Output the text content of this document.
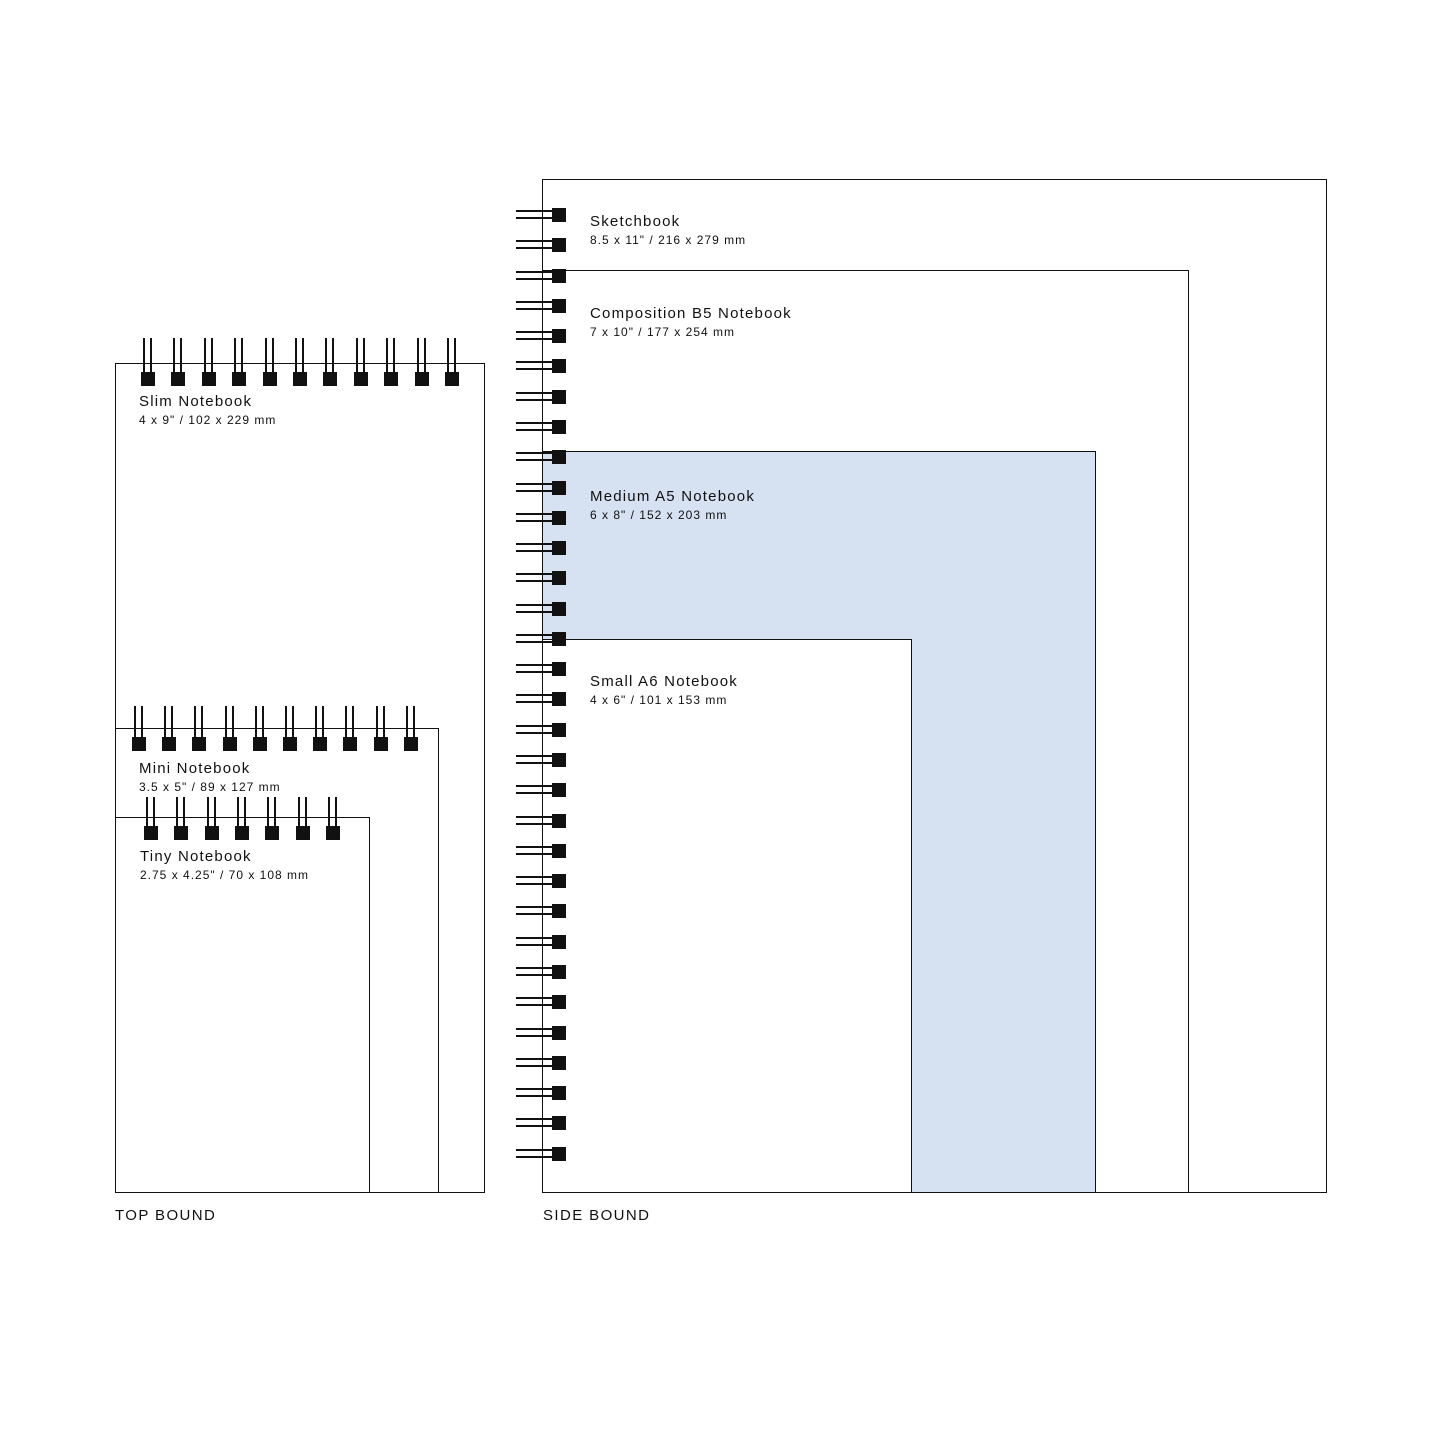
Slim Notebook
4 x 9" / 102 x 229 mm
Mini Notebook
3.5 x 5" / 89 x 127 mm
Tiny Notebook
2.75 x 4.25" / 70 x 108 mm
Sketchbook
8.5 x 11" / 216 x 279 mm
Composition B5 Notebook
7 x 10" / 177 x 254 mm
Medium A5 Notebook
6 x 8" / 152 x 203 mm
Small A6 Notebook
4 x 6" / 101 x 153 mm
TOP BOUND	SIDE BOUND
